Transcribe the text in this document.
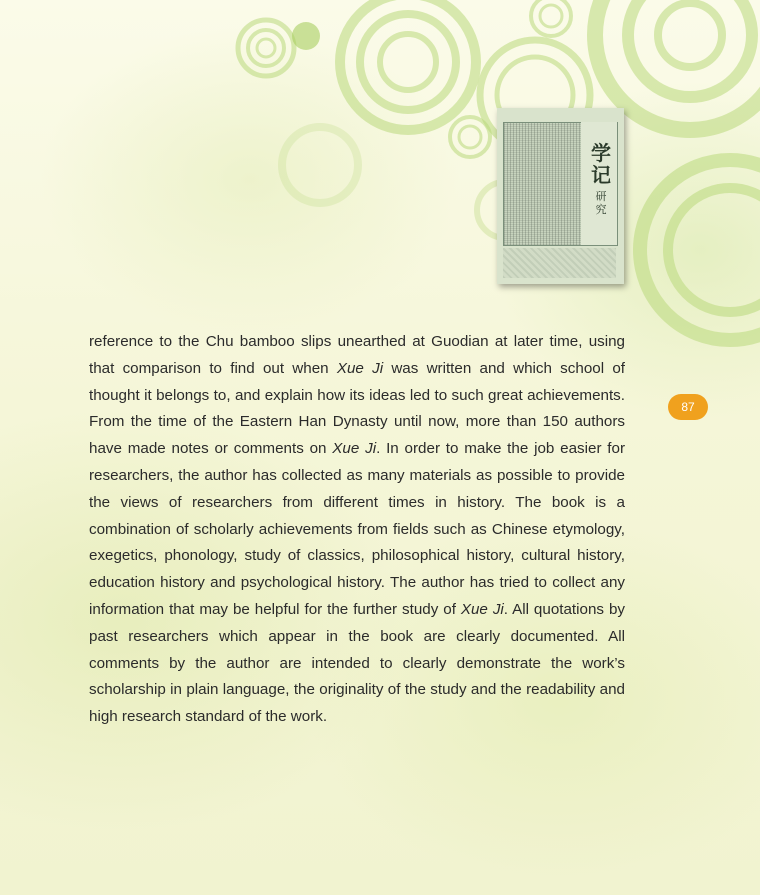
学记
研究

reference to the Chu bamboo slips unearthed at Guodian at later time, using that comparison to find out when Xue Ji was written and which school of thought it belongs to, and explain how its ideas led to such great achievements. From the time of the Eastern Han Dynasty until now, more than 150 authors have made notes or comments on Xue Ji. In order to make the job easier for researchers, the author has collected as many materials as possible to provide the views of researchers from different times in history. The book is a combination of scholarly achievements from fields such as Chinese etymology, exegetics, phonology, study of classics, philosophical history, cultural history, education history and psychological history. The author has tried to collect any information that may be helpful for the further study of Xue Ji. All quotations by past researchers which appear in the book are clearly documented. All comments by the author are intended to clearly demonstrate the work’s scholarship in plain language, the originality of the study and the readability and high research standard of the work.

87
